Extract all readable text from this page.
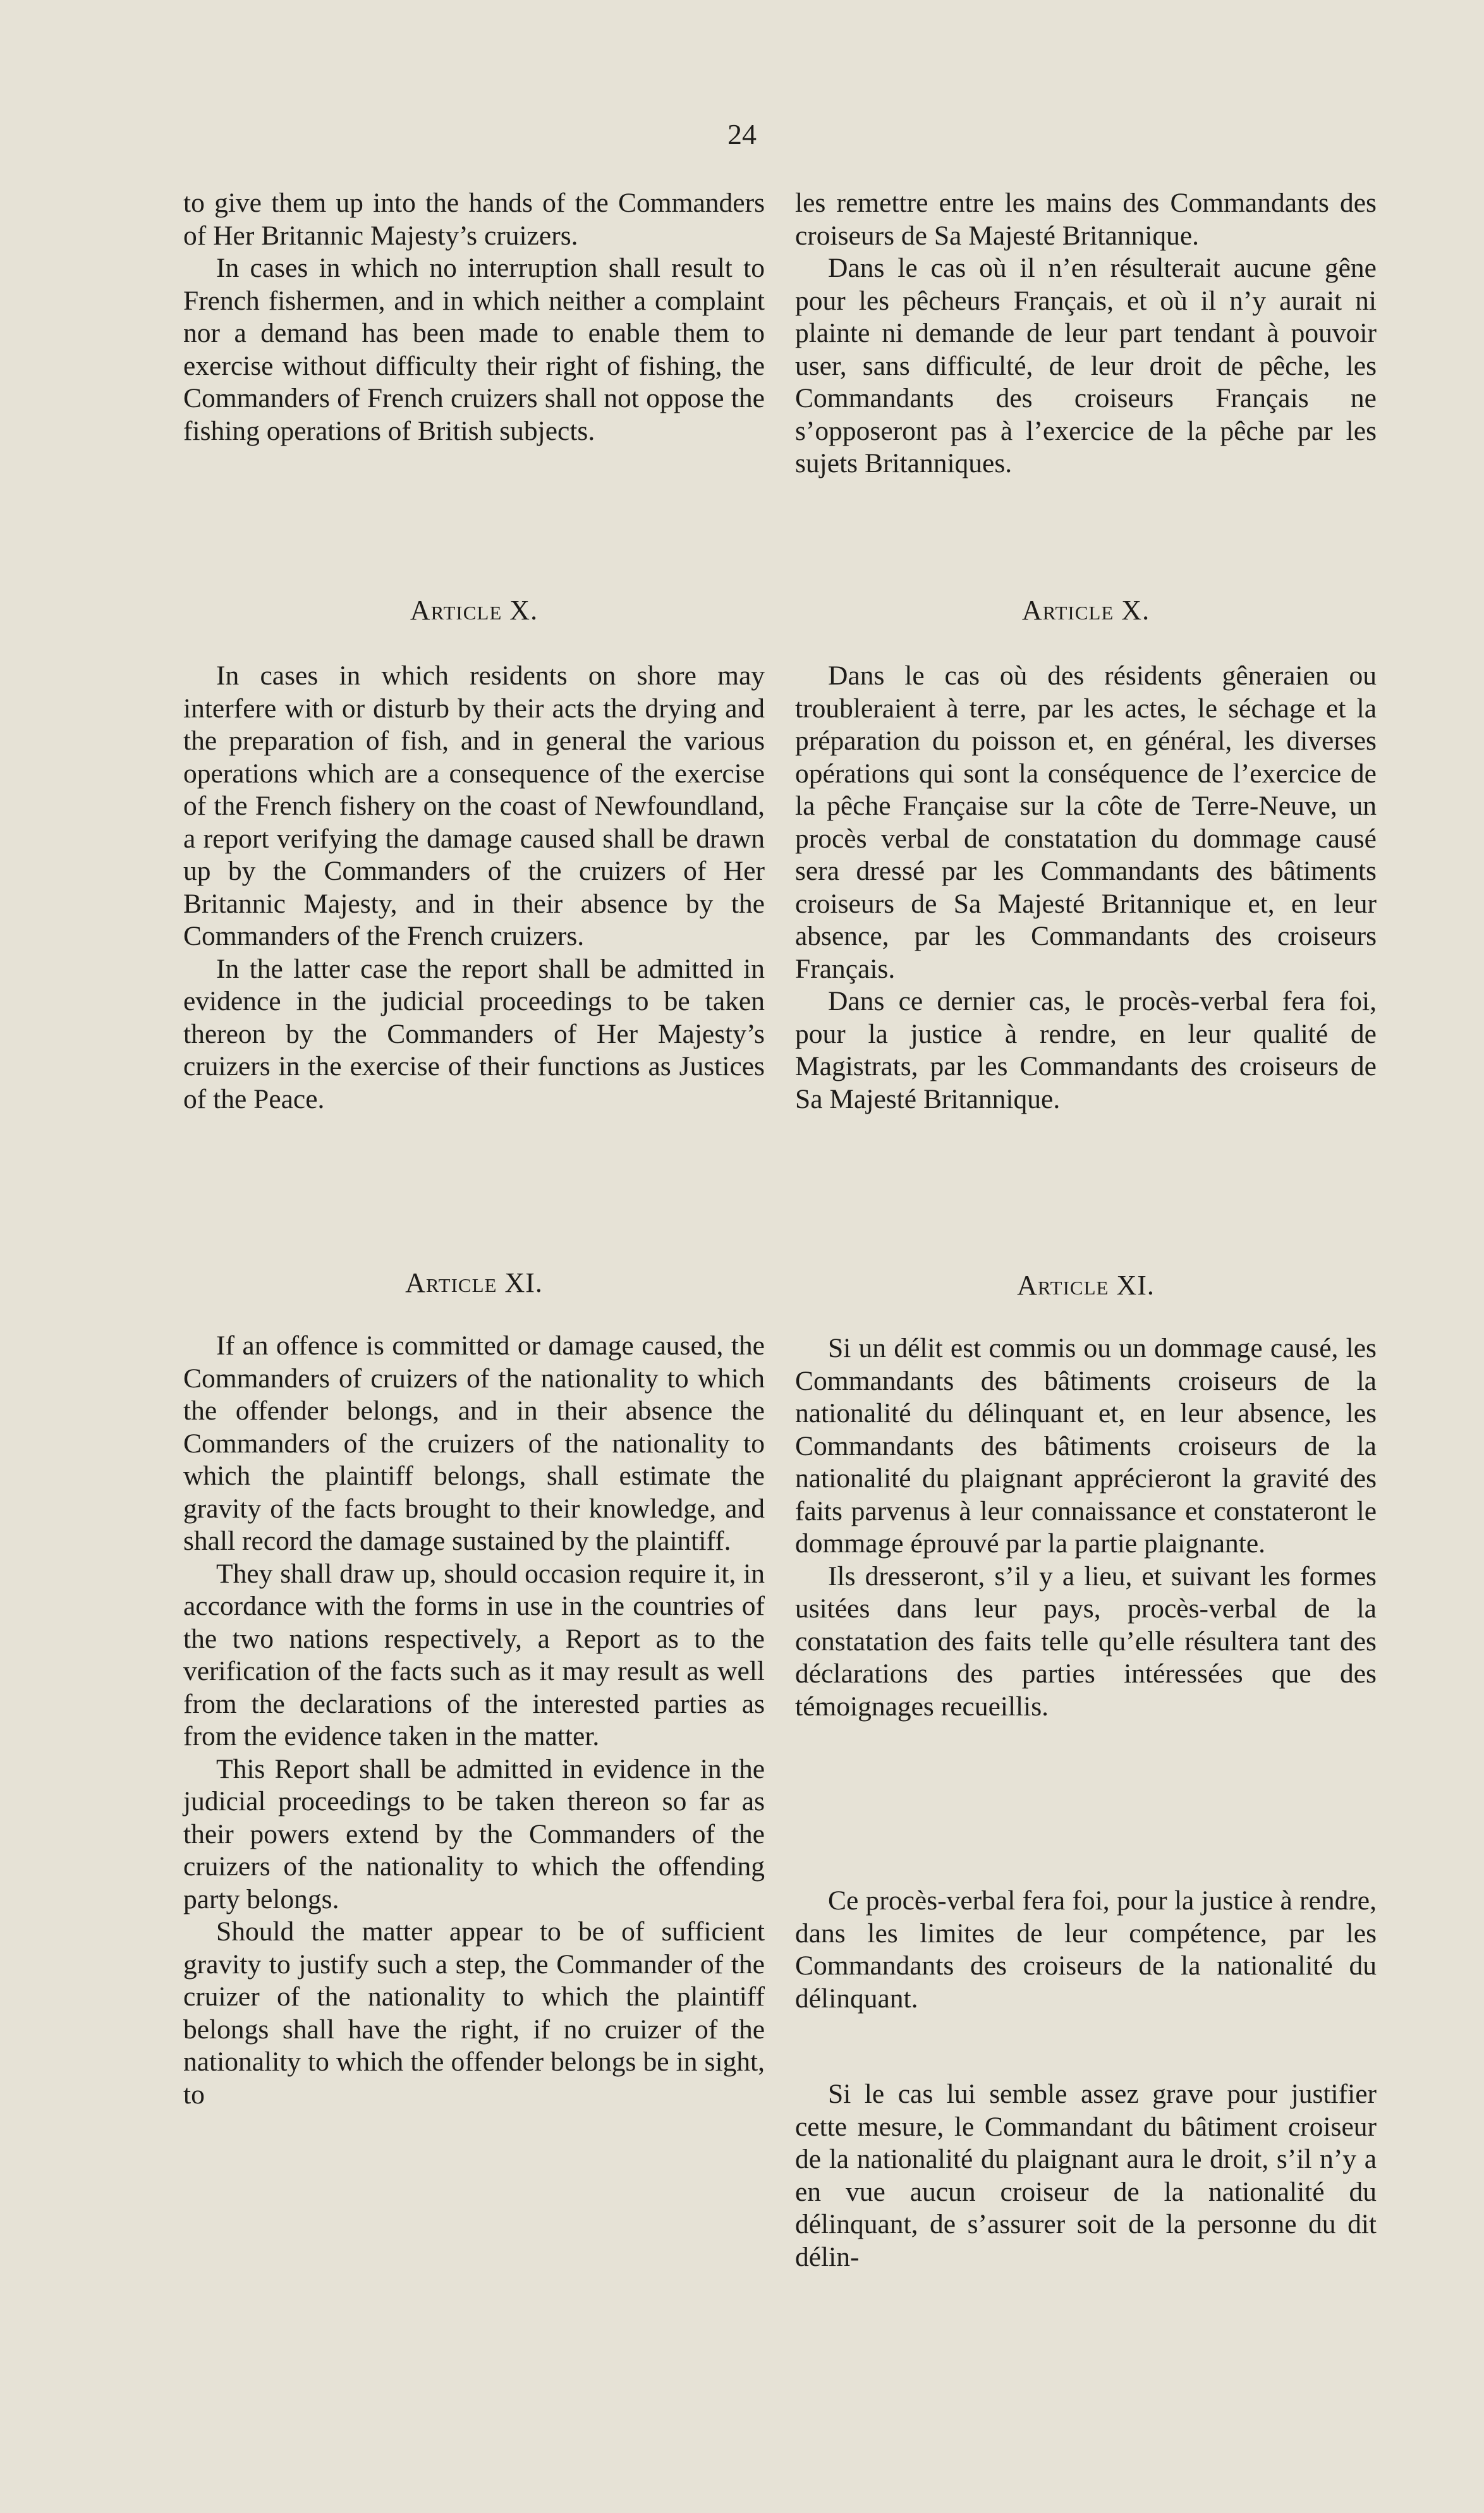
24

to give them up into the hands of the Commanders of Her Britannic Majesty’s cruizers.

In cases in which no interruption shall result to French fishermen, and in which neither a complaint nor a demand has been made to enable them to exercise without difficulty their right of fishing, the Commanders of French cruizers shall not oppose the fishing operations of British subjects.

les remettre entre les mains des Commandants des croiseurs de Sa Majesté Britannique.

Dans le cas où il n’en résulterait aucune gêne pour les pêcheurs Français, et où il n’y aurait ni plainte ni demande de leur part tendant à pouvoir user, sans difficulté, de leur droit de pêche, les Commandants des croiseurs Français ne s’opposeront pas à l’exercice de la pêche par les sujets Britanniques.

Article X.	Article X.

In cases in which residents on shore may interfere with or disturb by their acts the drying and the preparation of fish, and in general the various operations which are a consequence of the exercise of the French fishery on the coast of Newfoundland, a report verifying the damage caused shall be drawn up by the Commanders of the cruizers of Her Britannic Majesty, and in their absence by the Commanders of the French cruizers.

In the latter case the report shall be admitted in evidence in the judicial proceedings to be taken thereon by the Commanders of Her Majesty’s cruizers in the exercise of their functions as Justices of the Peace.

Dans le cas où des résidents gêneraien ou troubleraient à terre, par les actes, le séchage et la préparation du poisson et, en général, les diverses opérations qui sont la conséquence de l’exercice de la pêche Française sur la côte de Terre-Neuve, un procès verbal de constatation du dommage causé sera dressé par les Commandants des bâtiments croiseurs de Sa Majesté Britannique et, en leur absence, par les Commandants des croiseurs Français.

Dans ce dernier cas, le procès-verbal fera foi, pour la justice à rendre, en leur qualité de Magistrats, par les Commandants des croiseurs de Sa Majesté Britannique.

Article XI.	Article XI.

If an offence is committed or damage caused, the Commanders of cruizers of the nationality to which the offender belongs, and in their absence the Commanders of the cruizers of the nationality to which the plaintiff belongs, shall estimate the gravity of the facts brought to their knowledge, and shall record the damage sustained by the plaintiff.

They shall draw up, should occasion require it, in accordance with the forms in use in the countries of the two nations respectively, a Report as to the verification of the facts such as it may result as well from the declarations of the interested parties as from the evidence taken in the matter.

This Report shall be admitted in evidence in the judicial proceedings to be taken thereon so far as their powers extend by the Commanders of the cruizers of the nationality to which the offending party belongs.

Should the matter appear to be of sufficient gravity to justify such a step, the Commander of the cruizer of the nationality to which the plaintiff belongs shall have the right, if no cruizer of the nationality to which the offender belongs be in sight, to

Si un délit est commis ou un dommage causé, les Commandants des bâtiments croiseurs de la nationalité du délinquant et, en leur absence, les Commandants des bâtiments croiseurs de la nationalité du plaignant apprécieront la gravité des faits parvenus à leur connaissance et constateront le dommage éprouvé par la partie plaignante.

Ils dresseront, s’il y a lieu, et suivant les formes usitées dans leur pays, procès-verbal de la constatation des faits telle qu’elle résultera tant des déclarations des parties intéressées que des témoignages recueillis.

Ce procès-verbal fera foi, pour la justice à rendre, dans les limites de leur compétence, par les Commandants des croiseurs de la nationalité du délinquant.

Si le cas lui semble assez grave pour justifier cette mesure, le Commandant du bâtiment croiseur de la nationalité du plaignant aura le droit, s’il n’y a en vue aucun croiseur de la nationalité du délinquant, de s’assurer soit de la personne du dit délin-
